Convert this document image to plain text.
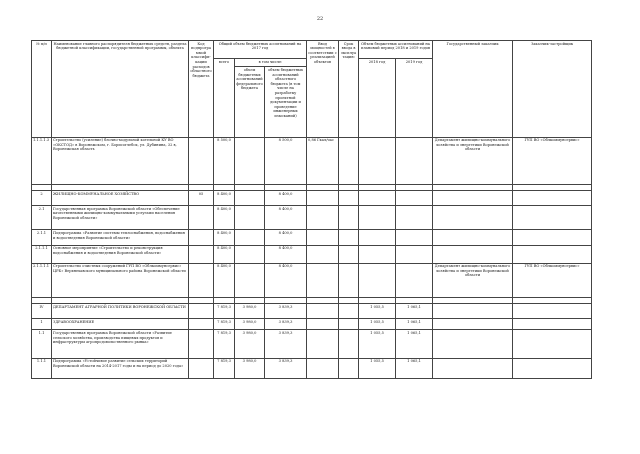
22
№ п/п	Наименование главного распорядителя бюджетных средств, раздела бюджетной классификации, государственной программы, объекта	Код подпрограммой классификации расходов областного бюджета	Общий объем бюджетных ассигнований на 2017 год			Ввод мощностей в соответствии с реализацией объектов	Срок ввода в эксплуатацию	Объем бюджетных ассигнований на плановый период 2018 и 2019 годов		Государственный заказчик	Заказчик-застройщик
			всего	в том числе:				2018 год	2019 год		
				объем бюджетных ассигнований федерального бюджета	объем бюджетных ассигнований областного бюджета (в том числе на разработку проектной документации и проведение инженерных изысканий)						
1.1.1.1.3	Строительство (усиление) блочно-модульной котельной КУ ВО «ОКСТОД» в Воронежском, г. Борисоглебск, ул. Дубинина, 32 в, Воронежская область		8 500,0		8 500,0	0,86 Гкал/час				Департамент жилищно-коммунального хозяйства и энергетики Воронежской области	ГУП ВО «Облкоммунсервис»

2	ЖИЛИЩНО-КОММУНАЛЬНОЕ ХОЗЯЙСТВО	05	8 400,0		8 400,0						
2.1	Государственная программа Воронежской области «Обеспечение качественными жилищно-коммунальными услугами населения Воронежской области»		8 400,0		8 400,0						
2.1.1	Подпрограмма «Развитие системы теплоснабжения, водоснабжения и водоотведения Воронежской области»		8 400,0		8 400,0						
2.1.1.1	Основное мероприятие «Строительство и реконструкция водоснабжения и водоотведения Воронежской области»		8 400,0		8 400,0						
2.1.1.1.1	Строительство очистных сооружений ГУП ВО «Облкоммунсервис» ЦРБ» Верхнехавского муниципального района Воронежской области		8 400,0		8 400,0					Департамент жилищно-коммунального хозяйства и энергетики Воронежской области	ГУП ВО «Облкоммунсервис»

IV	ДЕПАРТАМЕНТ АГРАРНОЙ ПОЛИТИКИ ВОРОНЕЖСКОЙ ОБЛАСТИ		7 819,3	3 980,0	3 839,3			1 055,5	1 065,1		
1	ЗДРАВООХРАНЕНИЕ		7 819,3	3 980,0	3 839,3			1 055,5	1 065,1		
1.1	Государственная программа Воронежской области «Развитие сельского хозяйства, производства пищевых продуктов и инфраструктуры агропродовольственного рынка»		7 819,3	3 980,0	3 839,3			1 055,5	1 065,1		
1.1.1	Подпрограмма «Устойчивое развитие сельских территорий Воронежской области на 2014-2017 годы и на период до 2020 года»		7 819,3	3 980,0	3 839,3			1 055,5	1 065,1		
